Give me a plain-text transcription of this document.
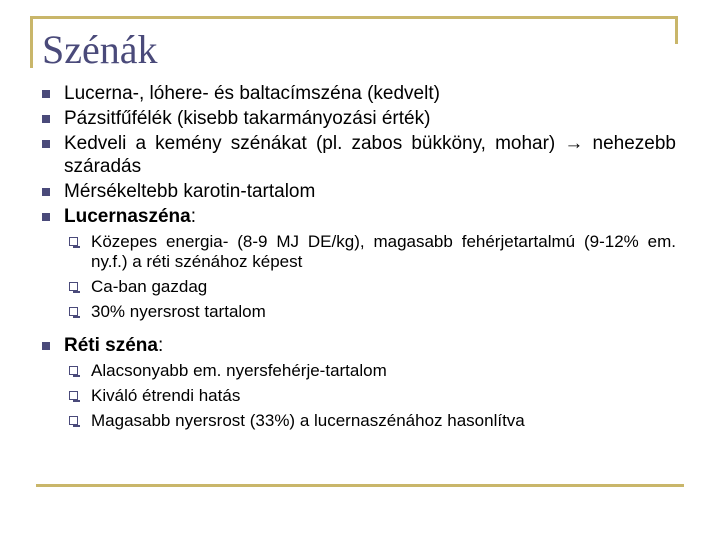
Szénák
Lucerna-, lóhere- és baltacímszéna (kedvelt)
Pázsitfűfélék (kisebb takarmányozási érték)
Kedveli a kemény szénákat (pl. zabos bükköny, mohar) → nehezebb száradás
Mérsékeltebb karotin-tartalom
Lucernaszéna:
Közepes energia- (8-9 MJ DE/kg), magasabb fehérjetartalmú (9-12% em. ny.f.) a réti szénához képest
Ca-ban gazdag
30% nyersrost tartalom
Réti széna:
Alacsonyabb em. nyersfehérje-tartalom
Kiváló étrendi hatás
Magasabb nyersrost (33%) a lucernaszénához hasonlítva
